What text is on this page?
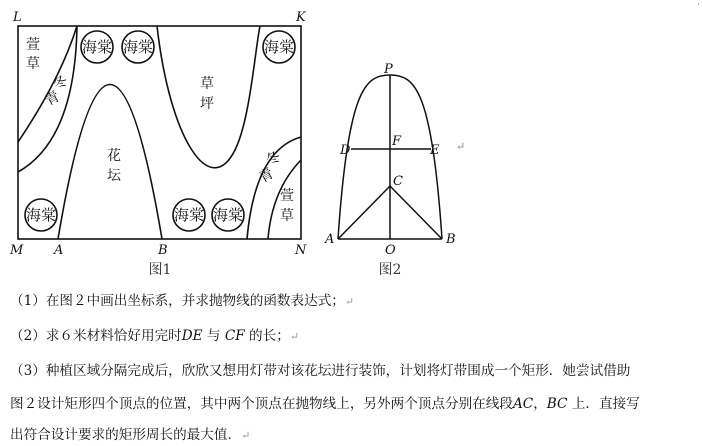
·
海棠 海棠	海棠
海棠	海棠 海棠
萱
草
冬
青
草
坪
花
坛
冬
青
萱
草
L	K
M A	B	N
图1
P
D
F
E
C
A
O
B
↵
图2
（1）在图２中画出坐标系，并求抛物线的函数表达式；↵
（2）求６米材料恰好用完时DE 与 CF 的长；↵
（3）种植区域分隔完成后，欣欣又想用灯带对该花坛进行装饰，计划将灯带围成一个矩形．她尝试借助
图２设计矩形四个顶点的位置，其中两个顶点在抛物线上，另外两个顶点分别在线段AC，BC 上．直接写
出符合设计要求的矩形周长的最大值．↵
